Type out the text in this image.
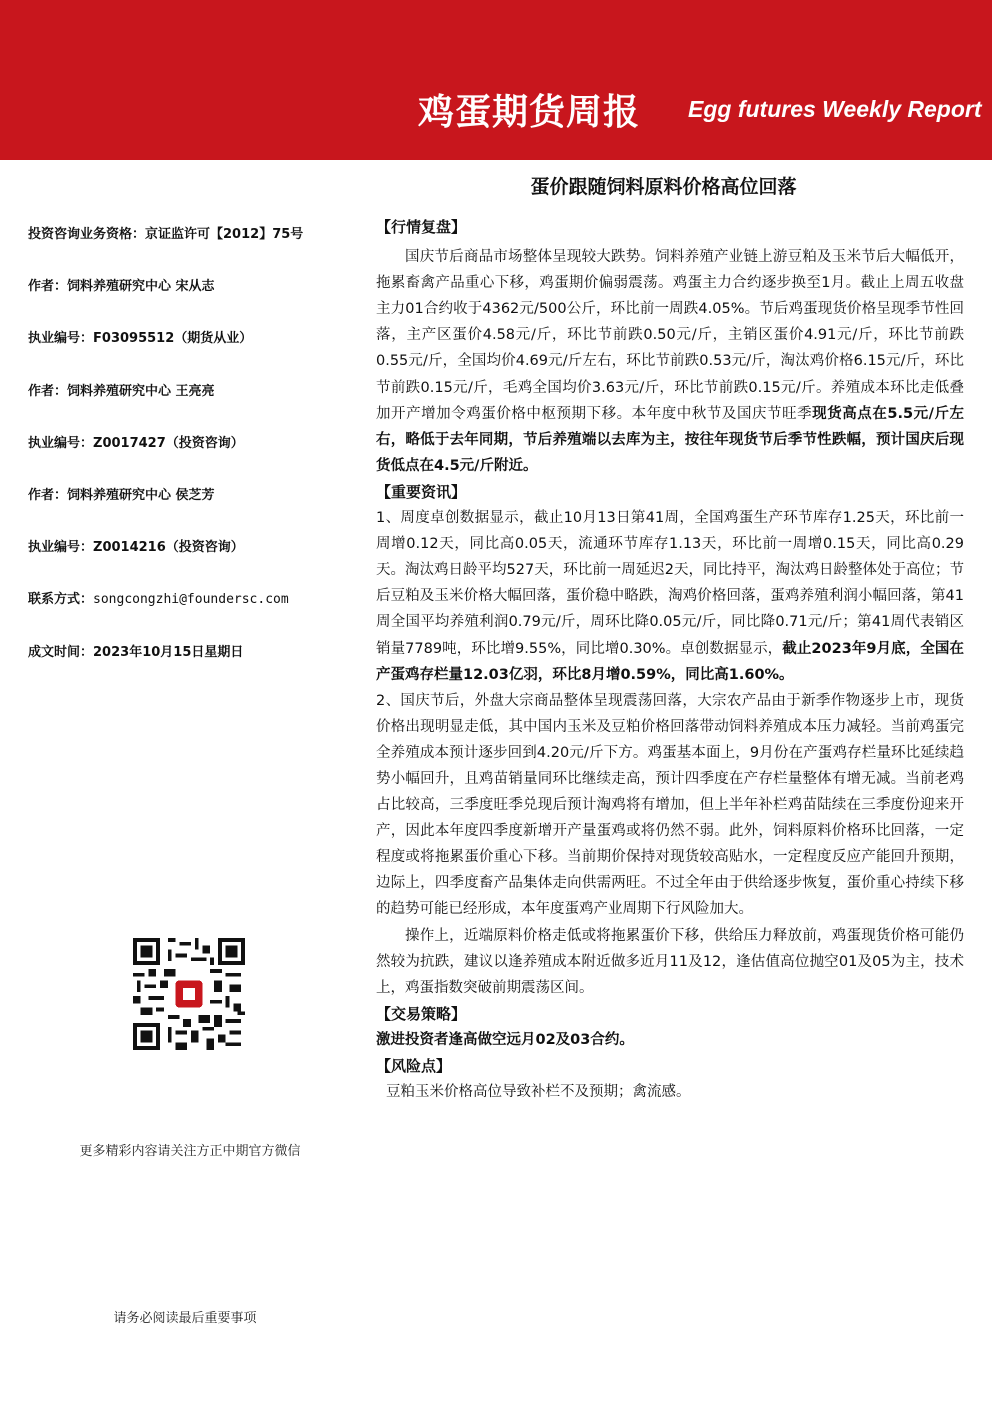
鸡蛋期货周报 Egg futures Weekly Report
蛋价跟随饲料原料价格高位回落
投资咨询业务资格：京证监许可【2012】75号
作者：饲料养殖研究中心 宋从志
执业编号：F03095512（期货从业）
作者：饲料养殖研究中心 王亮亮
执业编号：Z0017427（投资咨询）
作者：饲料养殖研究中心 侯芝芳
执业编号：Z0014216（投资咨询）
联系方式：songcongzhi@foundersc.com
成文时间：2023年10月15日星期日
更多精彩内容请关注方正中期官方微信
请务必阅读最后重要事项

【行情复盘】

国庆节后商品市场整体呈现较大跌势。饲料养殖产业链上游豆粕及玉米节后大幅低开，拖累畜禽产品重心下移，鸡蛋期价偏弱震荡。鸡蛋主力合约逐步换至1月。截止上周五收盘主力01合约收于4362元/500公斤，环比前一周跌4.05%。节后鸡蛋现货价格呈现季节性回落，主产区蛋价4.58元/斤，环比节前跌0.50元/斤，主销区蛋价4.91元/斤，环比节前跌0.55元/斤，全国均价4.69元/斤左右，环比节前跌0.53元/斤，淘汰鸡价格6.15元/斤，环比节前跌0.15元/斤，毛鸡全国均价3.63元/斤，环比节前跌0.15元/斤。养殖成本环比走低叠加开产增加令鸡蛋价格中枢预期下移。本年度中秋节及国庆节旺季现货高点在5.5元/斤左右，略低于去年同期，节后养殖端以去库为主，按往年现货节后季节性跌幅，预计国庆后现货低点在4.5元/斤附近。

【重要资讯】

1、周度卓创数据显示，截止10月13日第41周，全国鸡蛋生产环节库存1.25天，环比前一周增0.12天，同比高0.05天，流通环节库存1.13天，环比前一周增0.15天，同比高0.29天。淘汰鸡日龄平均527天，环比前一周延迟2天，同比持平，淘汰鸡日龄整体处于高位；节后豆粕及玉米价格大幅回落，蛋价稳中略跌，淘鸡价格回落，蛋鸡养殖利润小幅回落，第41周全国平均养殖利润0.79元/斤，周环比降0.05元/斤，同比降0.71元/斤；第41周代表销区销量7789吨，环比增9.55%，同比增0.30%。卓创数据显示，截止2023年9月底，全国在产蛋鸡存栏量12.03亿羽，环比8月增0.59%，同比高1.60%。

2、国庆节后，外盘大宗商品整体呈现震荡回落，大宗农产品由于新季作物逐步上市，现货价格出现明显走低，其中国内玉米及豆粕价格回落带动饲料养殖成本压力减轻。当前鸡蛋完全养殖成本预计逐步回到4.20元/斤下方。鸡蛋基本面上，9月份在产蛋鸡存栏量环比延续趋势小幅回升，且鸡苗销量同环比继续走高，预计四季度在产存栏量整体有增无减。当前老鸡占比较高，三季度旺季兑现后预计淘鸡将有增加，但上半年补栏鸡苗陆续在三季度份迎来开产，因此本年度四季度新增开产量蛋鸡或将仍然不弱。此外，饲料原料价格环比回落，一定程度或将拖累蛋价重心下移。当前期价保持对现货较高贴水，一定程度反应产能回升预期，边际上，四季度畜产品集体走向供需两旺。不过全年由于供给逐步恢复，蛋价重心持续下移的趋势可能已经形成，本年度蛋鸡产业周期下行风险加大。

操作上，近端原料价格走低或将拖累蛋价下移，供给压力释放前，鸡蛋现货价格可能仍然较为抗跌，建议以逢养殖成本附近做多近月11及12，逢估值高位抛空01及05为主，技术上，鸡蛋指数突破前期震荡区间。

【交易策略】

激进投资者逢高做空远月02及03合约。

【风险点】

豆粕玉米价格高位导致补栏不及预期；禽流感。
